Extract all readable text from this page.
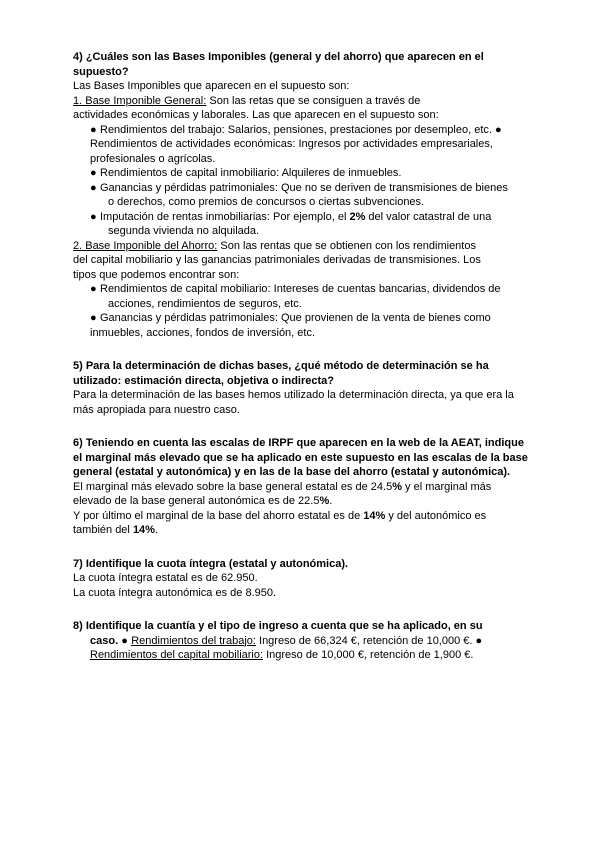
4) ¿Cuáles son las Bases Imponibles (general y del ahorro) que aparecen en el supuesto?

Las Bases Imponibles que aparecen en el supuesto son:

1. Base Imponible General: Son las retas que se consiguen a través de

actividades económicas y laborales. Las que aparecen en el supuesto son:

● Rendimientos del trabajo: Salarios, pensiones, prestaciones por desempleo, etc. ●

Rendimientos de actividades económicas: Ingresos por actividades empresariales,

profesionales o agrícolas.

● Rendimientos de capital inmobiliario: Alquileres de inmuebles.

● Ganancias y pérdidas patrimoniales: Que no se deriven de transmisiones de bienes

o derechos, como premios de concursos o ciertas subvenciones.

● Imputación de rentas inmobiliarias: Por ejemplo, el 2% del valor catastral de una

segunda vivienda no alquilada.

2. Base Imponible del Ahorro: Son las rentas que se obtienen con los rendimientos

del capital mobiliario y las ganancias patrimoniales derivadas de transmisiones. Los

tipos que podemos encontrar son:

● Rendimientos de capital mobiliario: Intereses de cuentas bancarias, dividendos de

acciones, rendimientos de seguros, etc.

● Ganancias y pérdidas patrimoniales: Que provienen de la venta de bienes como

inmuebles, acciones, fondos de inversión, etc.

5) Para la determinación de dichas bases, ¿qué método de determinación se ha utilizado: estimación directa, objetiva o indirecta?

Para la determinación de las bases hemos utilizado la determinación directa, ya que era la más apropiada para nuestro caso.

6) Teniendo en cuenta las escalas de IRPF que aparecen en la web de la AEAT, indique el marginal más elevado que se ha aplicado en este supuesto en las escalas de la base general (estatal y autonómica) y en las de la base del ahorro (estatal y autonómica).

El marginal más elevado sobre la base general estatal es de 24.5% y el marginal más elevado de la base general autonómica es de 22.5%.

Y por último el marginal de la base del ahorro estatal es de 14% y del autonómico es también del 14%.

7) Identifique la cuota íntegra (estatal y autonómica).

La cuota íntegra estatal es de 62.950.

La cuota íntegra autonómica es de 8.950.

8) Identifique la cuantía y el tipo de ingreso a cuenta que se ha aplicado, en su

caso. ● Rendimientos del trabajo: Ingreso de 66,324 €, retención de 10,000 €. ●

Rendimientos del capital mobiliario: Ingreso de 10,000 €, retención de 1,900 €.
